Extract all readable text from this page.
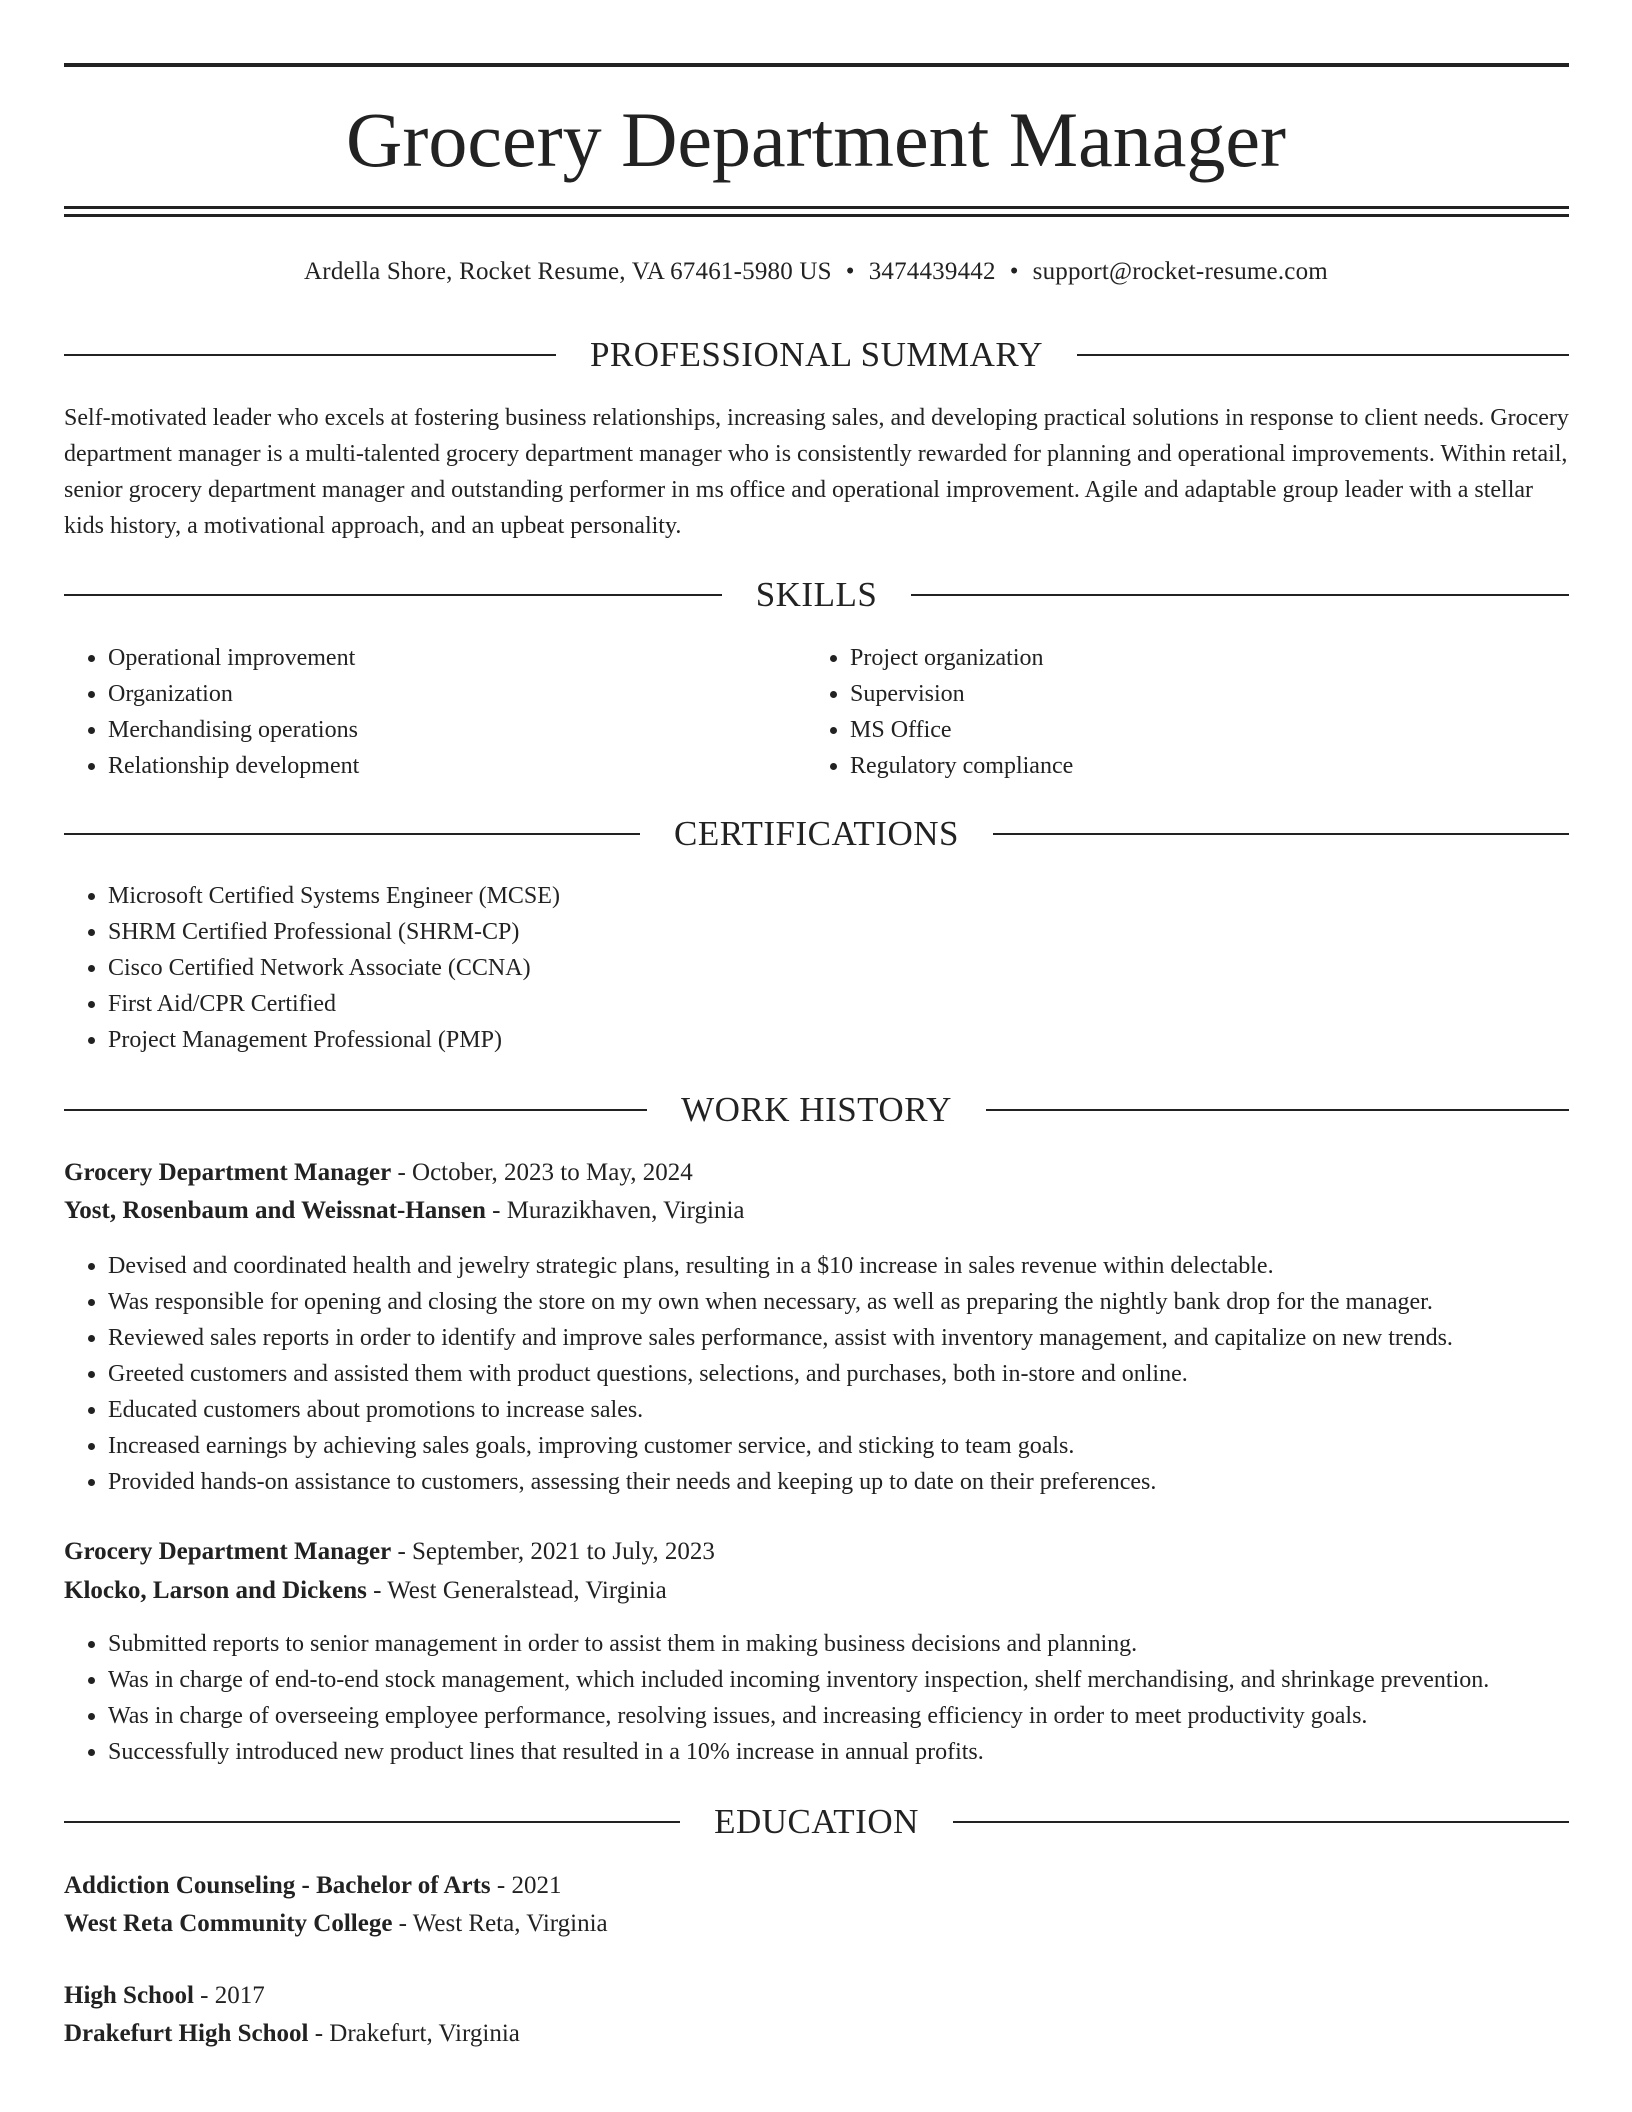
Grocery Department Manager
Ardella Shore, Rocket Resume, VA 67461-5980 US • 3474439442 • support@rocket-resume.com
PROFESSIONAL SUMMARY

Self-motivated leader who excels at fostering business relationships, increasing sales, and developing practical solutions in response to client needs. Grocery department manager is a multi-talented grocery department manager who is consistently rewarded for planning and operational improvements. Within retail, senior grocery department manager and outstanding performer in ms office and operational improvement. Agile and adaptable group leader with a stellar kids history, a motivational approach, and an upbeat personality.

SKILLS
• Operational improvement
• Organization
• Merchandising operations
• Relationship development
• Project organization
• Supervision
• MS Office
• Regulatory compliance
CERTIFICATIONS
• Microsoft Certified Systems Engineer (MCSE)
• SHRM Certified Professional (SHRM-CP)
• Cisco Certified Network Associate (CCNA)
• First Aid/CPR Certified
• Project Management Professional (PMP)
WORK HISTORY
Grocery Department Manager - October, 2023 to May, 2024
Yost, Rosenbaum and Weissnat-Hansen - Murazikhaven, Virginia
• Devised and coordinated health and jewelry strategic plans, resulting in a $10 increase in sales revenue within delectable.
• Was responsible for opening and closing the store on my own when necessary, as well as preparing the nightly bank drop for the manager.
• Reviewed sales reports in order to identify and improve sales performance, assist with inventory management, and capitalize on new trends.
• Greeted customers and assisted them with product questions, selections, and purchases, both in-store and online.
• Educated customers about promotions to increase sales.
• Increased earnings by achieving sales goals, improving customer service, and sticking to team goals.
• Provided hands-on assistance to customers, assessing their needs and keeping up to date on their preferences.
Grocery Department Manager - September, 2021 to July, 2023
Klocko, Larson and Dickens - West Generalstead, Virginia
• Submitted reports to senior management in order to assist them in making business decisions and planning.
• Was in charge of end-to-end stock management, which included incoming inventory inspection, shelf merchandising, and shrinkage prevention.
• Was in charge of overseeing employee performance, resolving issues, and increasing efficiency in order to meet productivity goals.
• Successfully introduced new product lines that resulted in a 10% increase in annual profits.
EDUCATION
Addiction Counseling - Bachelor of Arts - 2021
West Reta Community College - West Reta, Virginia
High School - 2017
Drakefurt High School - Drakefurt, Virginia
